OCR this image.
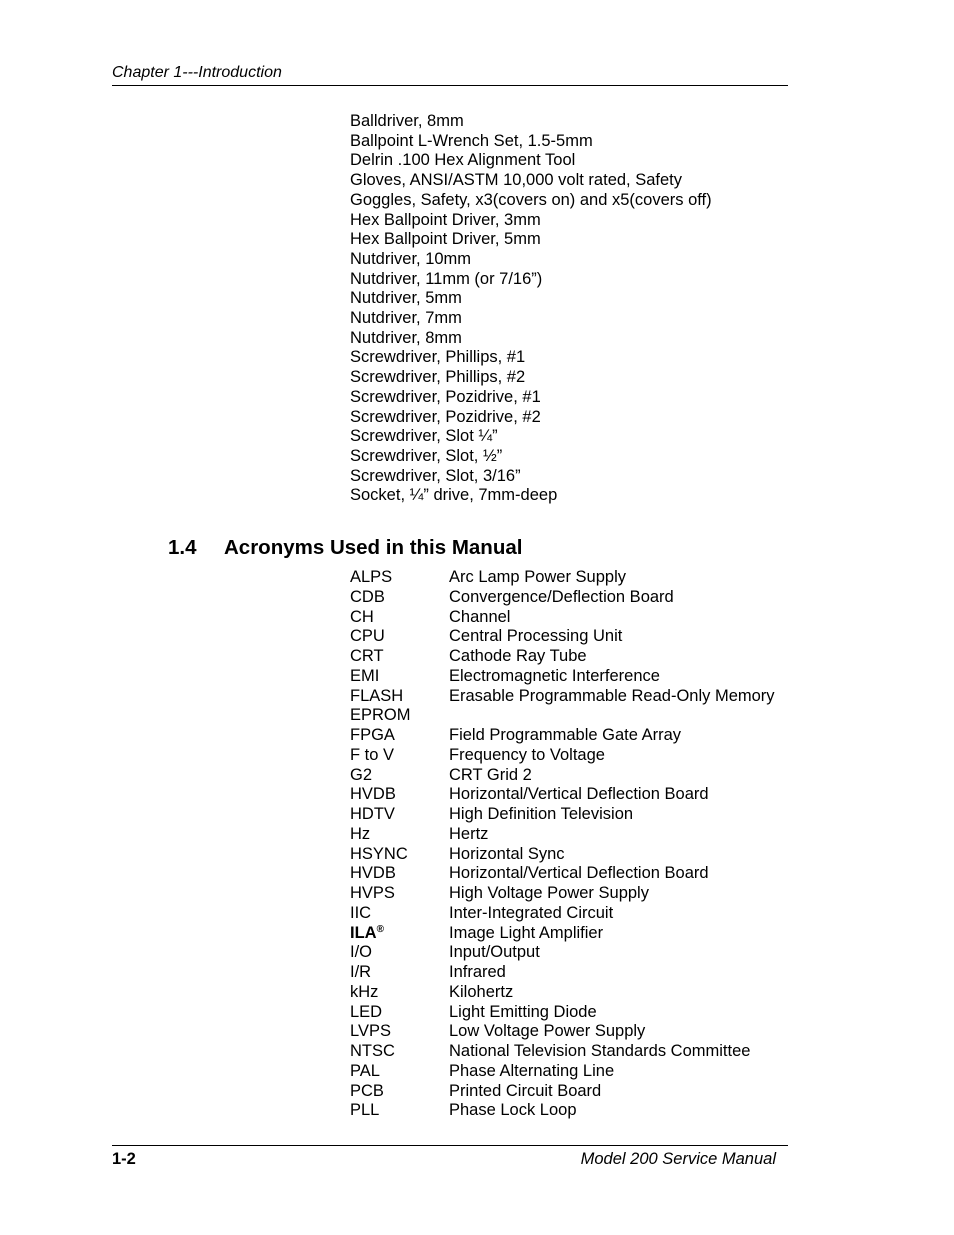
Chapter 1---Introduction
Balldriver, 8mm
Ballpoint L-Wrench Set, 1.5-5mm
Delrin .100 Hex Alignment Tool
Gloves, ANSI/ASTM 10,000 volt rated, Safety
Goggles, Safety, x3(covers on) and x5(covers off)
Hex Ballpoint Driver, 3mm
Hex Ballpoint Driver, 5mm
Nutdriver, 10mm
Nutdriver, 11mm (or 7/16”)
Nutdriver, 5mm
Nutdriver, 7mm
Nutdriver, 8mm
Screwdriver, Phillips, #1
Screwdriver, Phillips, #2
Screwdriver, Pozidrive, #1
Screwdriver, Pozidrive, #2
Screwdriver, Slot ¼”
Screwdriver, Slot, ½”
Screwdriver, Slot, 3/16”
Socket, ¼” drive, 7mm-deep
1.4 Acronyms Used in this Manual
ALPS	Arc Lamp Power Supply
CDB	Convergence/Deflection Board
CH	Channel
CPU	Central Processing Unit
CRT	Cathode Ray Tube
EMI	Electromagnetic Interference
FLASH	Erasable Programmable Read-Only Memory
EPROM
FPGA	Field Programmable Gate Array
F to V	Frequency to Voltage
G2	CRT Grid 2
HVDB	Horizontal/Vertical Deflection Board
HDTV	High Definition Television
Hz	Hertz
HSYNC	Horizontal Sync
HVDB	Horizontal/Vertical Deflection Board
HVPS	High Voltage Power Supply
IIC	Inter-Integrated Circuit
ILA®	Image Light Amplifier
I/O	Input/Output
I/R	Infrared
kHz	Kilohertz
LED	Light Emitting Diode
LVPS	Low Voltage Power Supply
NTSC	National Television Standards Committee
PAL	Phase Alternating Line
PCB	Printed Circuit Board
PLL	Phase Lock Loop
1-2	Model 200 Service Manual
